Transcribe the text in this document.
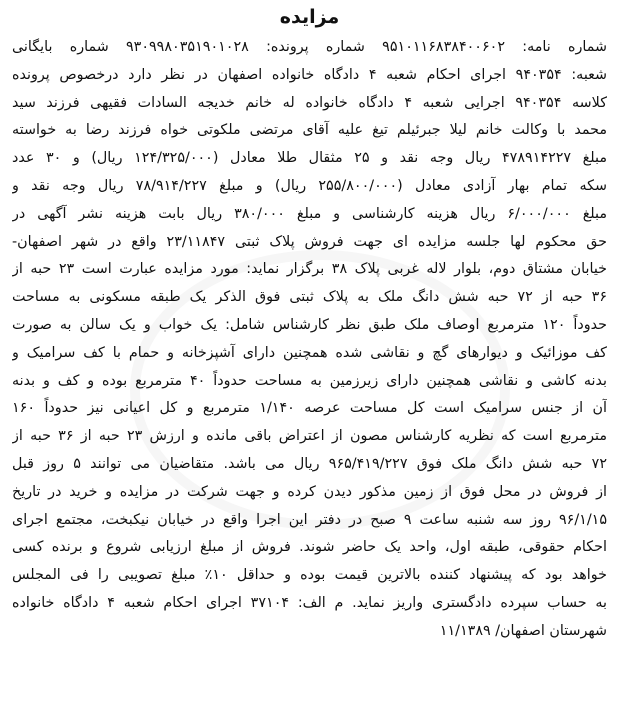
مزایده
شماره نامه: ۹۵۱۰۱۱۶۸۳۸۴۰۰۶۰۲ شماره پرونده: ۹۳۰۹۹۸۰۳۵۱۹۰۱۰۲۸ شماره بایگانی
شعبه: ۹۴۰۳۵۴ اجرای احکام شعبه ۴ دادگاه خانواده اصفهان در نظر دارد درخصوص پرونده
کلاسه ۹۴۰۳۵۴ اجرایی شعبه ۴ دادگاه خانواده له خانم خدیجه السادات فقیهی فرزند سید
محمد با وکالت خانم لیلا جبرئیلم تیغ علیه آقای مرتضی ملکوتی خواه فرزند رضا به خواسته
مبلغ ۴۷۸۹۱۴۲۲۷ ریال وجه نقد و ۲۵ مثقال طلا معادل (۱۲۴/۳۲۵/۰۰۰ ریال) و ۳۰ عدد
سکه تمام بهار آزادی معادل (۲۵۵/۸۰۰/۰۰۰ ریال) و مبلغ ۷۸/۹۱۴/۲۲۷ ریال وجه نقد و
مبلغ ۶/۰۰۰/۰۰۰ ریال هزینه کارشناسی و مبلغ ۳۸۰/۰۰۰ ریال بابت هزینه نشر آگهی در
حق محکوم لها جلسه مزایده ای جهت فروش پلاک ثبتی ۲۳/۱۱۸۴۷ واقع در شهر اصفهان-
خیابان مشتاق دوم، بلوار لاله غربی پلاک ۳۸ برگزار نماید: مورد مزایده عبارت است ۲۳ حبه از
۳۶ حبه از ۷۲ حبه شش دانگ ملک به پلاک ثبتی فوق الذکر یک طبقه مسکونی به مساحت
حدوداً ۱۲۰ مترمربع اوصاف ملک طبق نظر کارشناس شامل: یک خواب و یک سالن به صورت
کف موزائیک و دیوارهای گچ و نقاشی شده همچنین دارای آشپزخانه و حمام با کف سرامیک و
بدنه کاشی و نقاشی همچنین دارای زیرزمین به مساحت حدوداً ۴۰ مترمربع بوده و کف و بدنه
آن از جنس سرامیک است کل مساحت عرصه ۱/۱۴۰ مترمربع و کل اعیانی نیز حدوداً ۱۶۰
مترمربع است که نظریه کارشناس مصون از اعتراض باقی مانده و ارزش ۲۳ حبه از ۳۶ حبه از
۷۲ حبه شش دانگ ملک فوق ۹۶۵/۴۱۹/۲۲۷ ریال می باشد. متقاضیان می توانند ۵ روز قبل
از فروش در محل فوق از زمین مذکور دیدن کرده و جهت شرکت در مزایده و خرید در تاریخ
۹۶/۱/۱۵ روز سه شنبه ساعت ۹ صبح در دفتر این اجرا واقع در خیابان نیکبخت، مجتمع اجرای
احکام حقوقی، طبقه اول، واحد یک حاضر شوند. فروش از مبلغ ارزیابی شروع و برنده کسی
خواهد بود که پیشنهاد کننده بالاترین قیمت بوده و حداقل ۱۰٪ مبلغ تصویبی را فی المجلس
به حساب سپرده دادگستری واریز نماید. م الف: ۳۷۱۰۴ اجرای احکام شعبه ۴ دادگاه خانواده
شهرستان اصفهان/ ۱۱/۱۳۸۹
